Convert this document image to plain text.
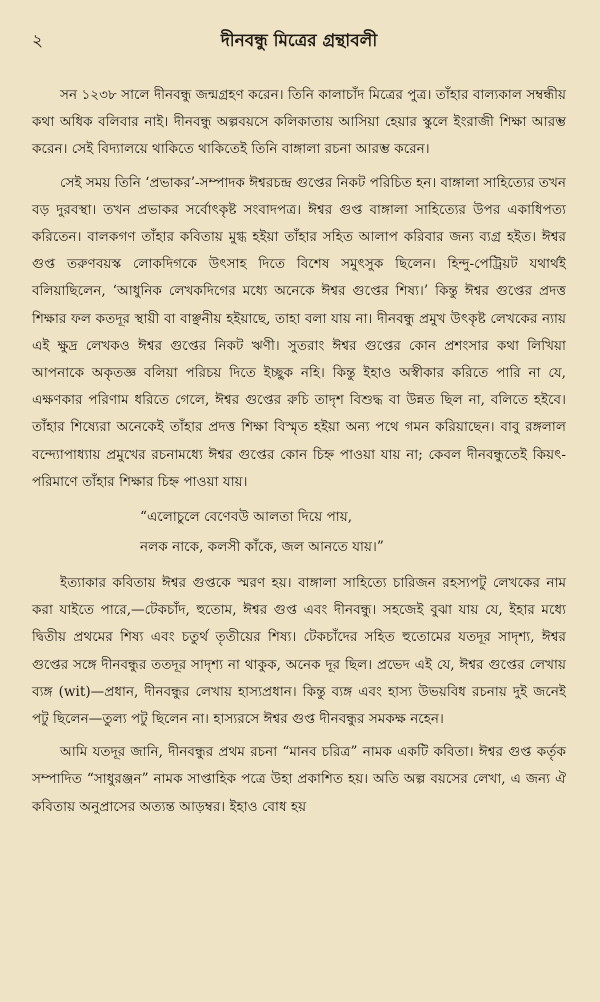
২	দীনবন্ধু মিত্রের গ্রন্থাবলী

সন ১২৩৮ সালে দীনবন্ধু জন্মগ্রহণ করেন। তিনি কালাচাঁদ মিত্রের পুত্র। তাঁহার বাল্যকাল সম্বন্ধীয় কথা অধিক বলিবার নাই। দীনবন্ধু অল্পবয়সে কলিকাতায় আসিয়া হেয়ার স্কুলে ইংরাজী শিক্ষা আরম্ভ করেন। সেই বিদ্যালয়ে থাকিতে থাকিতেই তিনি বাঙ্গালা রচনা আরম্ভ করেন।

সেই সময় তিনি ‘প্রভাকর’-সম্পাদক ঈশ্বরচন্দ্র গুপ্তের নিকট পরিচিত হন। বাঙ্গালা সাহিত্যের তখন বড় দুরবস্থা। তখন প্রভাকর সর্বোৎকৃষ্ট সংবাদপত্র। ঈশ্বর গুপ্ত বাঙ্গালা সাহিত্যের উপর একাধিপত্য করিতেন। বালকগণ তাঁহার কবিতায় মুগ্ধ হইয়া তাঁহার সহিত আলাপ করিবার জন্য ব্যগ্র হইত। ঈশ্বর গুপ্ত তরুণবয়স্ক লোকদিগকে উৎসাহ দিতে বিশেষ সমুৎসুক ছিলেন। হিন্দু-পেট্রিয়ট যথার্থই বলিয়াছিলেন, ‘আধুনিক লেখকদিগের মধ্যে অনেকে ঈশ্বর গুপ্তের শিষ্য।’ কিন্তু ঈশ্বর গুপ্তের প্রদত্ত শিক্ষার ফল কতদূর স্থায়ী বা বাঞ্ছনীয় হইয়াছে, তাহা বলা যায় না। দীনবন্ধু প্রমুখ উৎকৃষ্ট লেখকের ন্যায় এই ক্ষুদ্র লেখকও ঈশ্বর গুপ্তের নিকট ঋণী। সুতরাং ঈশ্বর গুপ্তের কোন প্রশংসার কথা লিখিয়া আপনাকে অকৃতজ্ঞ বলিয়া পরিচয় দিতে ইচ্ছুক নহি। কিন্তু ইহাও অস্বীকার করিতে পারি না যে, এক্ষণকার পরিণাম ধরিতে গেলে, ঈশ্বর গুপ্তের রুচি তাদৃশ বিশুদ্ধ বা উন্নত ছিল না, বলিতে হইবে। তাঁহার শিষ্যেরা অনেকেই তাঁহার প্রদত্ত শিক্ষা বিস্মৃত হইয়া অন্য পথে গমন করিয়াছেন। বাবু রঙ্গলাল বন্দ্যোপাধ্যায় প্রমুখের রচনামধ্যে ঈশ্বর গুপ্তের কোন চিহ্ন পাওয়া যায় না; কেবল দীনবন্ধুতেই কিয়ৎ-পরিমাণে তাঁহার শিক্ষার চিহ্ন পাওয়া যায়।

“এলোচুলে বেণেবউ আলতা দিয়ে পায়,
নলক নাকে, কলসী কাঁকে, জল আনতে যায়।”

ইত্যাকার কবিতায় ঈশ্বর গুপ্তকে স্মরণ হয়। বাঙ্গালা সাহিত্যে চারিজন রহস্যপটু লেখকের নাম করা যাইতে পারে,—টেকচাঁদ, হুতোম, ঈশ্বর গুপ্ত এবং দীনবন্ধু। সহজেই বুঝা যায় যে, ইহার মধ্যে দ্বিতীয় প্রথমের শিষ্য এবং চতুর্থ তৃতীয়ের শিষ্য। টেকচাঁদের সহিত হুতোমের যতদূর সাদৃশ্য, ঈশ্বর গুপ্তের সঙ্গে দীনবন্ধুর ততদূর সাদৃশ্য না থাকুক, অনেক দূর ছিল। প্রভেদ এই যে, ঈশ্বর গুপ্তের লেখায় ব্যঙ্গ (wit)—প্রধান, দীনবন্ধুর লেখায় হাস্যপ্রধান। কিন্তু ব্যঙ্গ এবং হাস্য উভয়বিধ রচনায় দুই জনেই পটু ছিলেন—তুল্য পটু ছিলেন না। হাস্যরসে ঈশ্বর গুপ্ত দীনবন্ধুর সমকক্ষ নহেন।

আমি যতদূর জানি, দীনবন্ধুর প্রথম রচনা “মানব চরিত্র” নামক একটি কবিতা। ঈশ্বর গুপ্ত কর্তৃক সম্পাদিত “সাধুরঞ্জন” নামক সাপ্তাহিক পত্রে উহা প্রকাশিত হয়। অতি অল্প বয়সের লেখা, এ জন্য ঐ কবিতায় অনুপ্রাসের অত্যন্ত আড়ম্বর। ইহাও বোধ হয়
